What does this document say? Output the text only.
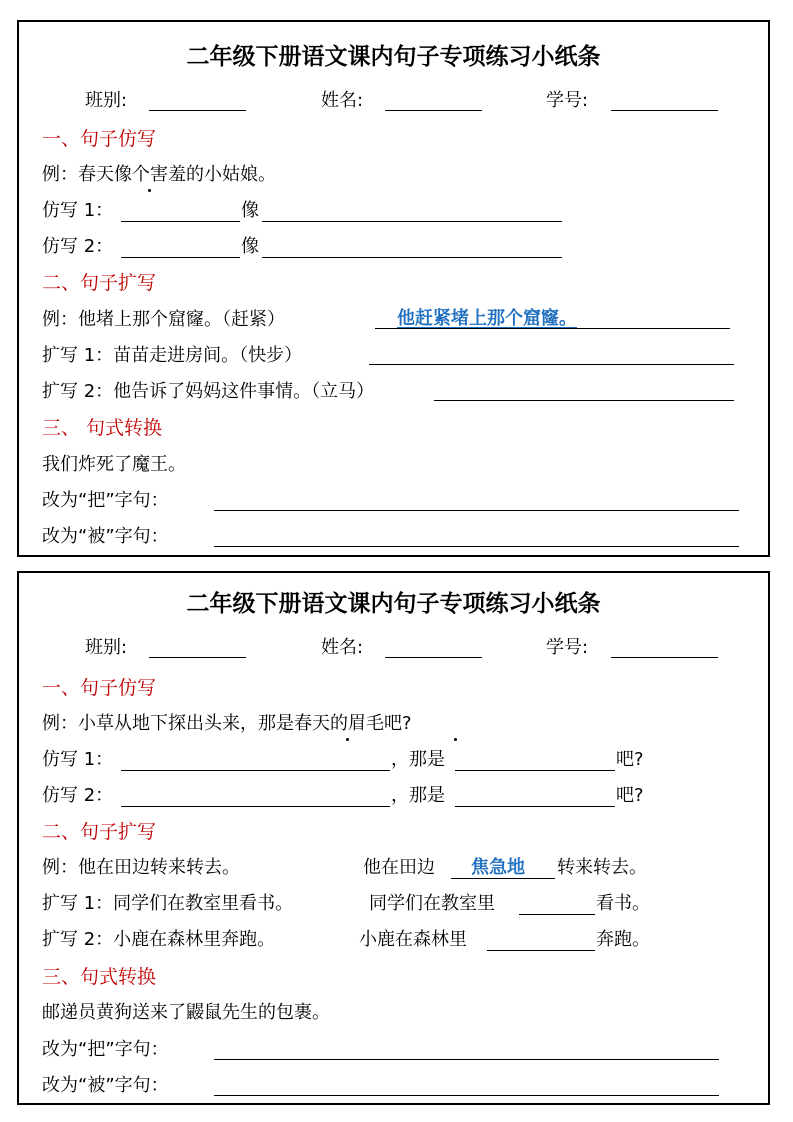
二年级下册语文课内句子专项练习小纸条
班别:	姓名:	学号:
一、句子仿写
例：春天像个害羞的小姑娘。
仿写 1：	像
仿写 2：	像
二、句子扩写
例：他堵上那个窟窿。（赶紧）	他赶紧堵上那个窟窿。
扩写 1：苗苗走进房间。（快步）
扩写 2：他告诉了妈妈这件事情。（立马）
三、 句式转换
我们炸死了魔王。
改为“把”字句：
改为“被”字句：
二年级下册语文课内句子专项练习小纸条
班别:	姓名:	学号:
一、句子仿写
例：小草从地下探出头来，那是春天的眉毛吧?
仿写 1：	，那是	吧?
仿写 2：	，那是	吧?
二、句子扩写
例：他在田边转来转去。	他在田边 焦急地 转来转去。
扩写 1：同学们在教室里看书。	同学们在教室里	看书。
扩写 2：小鹿在森林里奔跑。	小鹿在森林里	奔跑。
三、句式转换
邮递员黄狗送来了鼹鼠先生的包裹。
改为“把”字句：
改为“被”字句：
